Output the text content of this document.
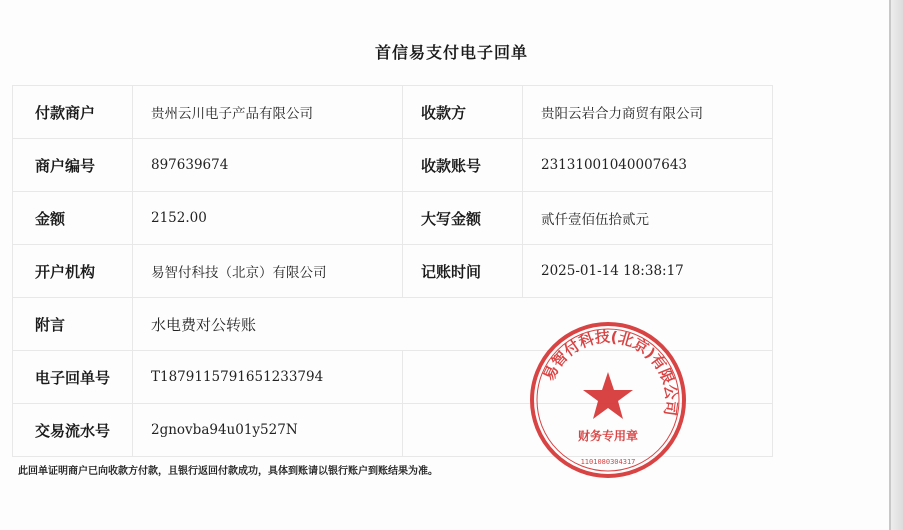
首信易支付电子回单
付款商户	贵州云川电子产品有限公司	收款方	贵阳云岩合力商贸有限公司
商户编号	897639674	收款账号	23131001040007643
金额	2152.00	大写金额	贰仟壹佰伍拾贰元
开户机构	易智付科技（北京）有限公司	记账时间	2025-01-14 18:38:17
附言	水电费对公转账		
电子回单号	T1879115791651233794		
交易流水号	2gnovba94u01y527N		
此回单证明商户已向收款方付款，且银行返回付款成功，具体到账请以银行账户到账结果为准。
易智付科技(北京)有限公司
财务专用章
1101080304317
